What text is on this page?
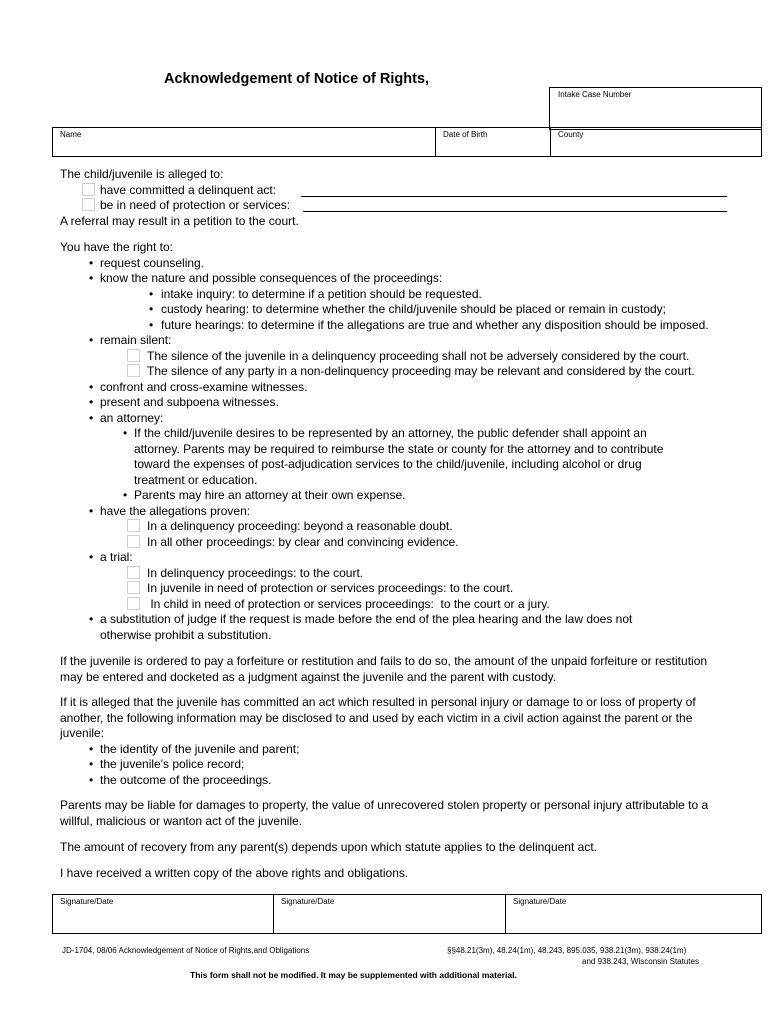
Acknowledgement of Notice of Rights,
Intake Case Number
Name	Date of Birth	County
The child/juvenile is alleged to:
have committed a delinquent act:
be in need of protection or services:
A referral may result in a petition to the court.
You have the right to:
• request counseling.
• know the nature and possible consequences of the proceedings:
• intake inquiry: to determine if a petition should be requested.
• custody hearing: to determine whether the child/juvenile should be placed or remain in custody;
• future hearings: to determine if the allegations are true and whether any disposition should be imposed.
• remain silent:
The silence of the juvenile in a delinquency proceeding shall not be adversely considered by the court.
The silence of any party in a non-delinquency proceeding may be relevant and considered by the court.
• confront and cross-examine witnesses.
• present and subpoena witnesses.
• an attorney:
• If the child/juvenile desires to be represented by an attorney, the public defender shall appoint an
attorney. Parents may be required to reimburse the state or county for the attorney and to contribute
toward the expenses of post-adjudication services to the child/juvenile, including alcohol or drug
treatment or education.
• Parents may hire an attorney at their own expense.
• have the allegations proven:
In a delinquency proceeding: beyond a reasonable doubt.
In all other proceedings: by clear and convincing evidence.
• a trial:
In delinquency proceedings: to the court.
In juvenile in need of protection or services proceedings: to the court.
In child in need of protection or services proceedings:  to the court or a jury.
• a substitution of judge if the request is made before the end of the plea hearing and the law does not
otherwise prohibit a substitution.
If the juvenile is ordered to pay a forfeiture or restitution and fails to do so, the amount of the unpaid forfeiture or restitution may be entered and docketed as a judgment against the juvenile and the parent with custody.
If it is alleged that the juvenile has committed an act which resulted in personal injury or damage to or loss of property of another, the following information may be disclosed to and used by each victim in a civil action against the parent or the juvenile:
• the identity of the juvenile and parent;
• the juvenile's police record;
• the outcome of the proceedings.
Parents may be liable for damages to property, the value of unrecovered stolen property or personal injury attributable to a willful, malicious or wanton act of the juvenile.
The amount of recovery from any parent(s) depends upon which statute applies to the delinquent act.
I have received a written copy of the above rights and obligations.
Signature/Date	Signature/Date	Signature/Date
JD-1704, 08/06 Acknowledgement of Notice of Rights,and Obligations	§§48.21(3m), 48.24(1m), 48.243, 895.035, 938.21(3m), 938.24(1m)
and 938.243, Wisconsin Statutes
This form shall not be modified. It may be supplemented with additional material.
